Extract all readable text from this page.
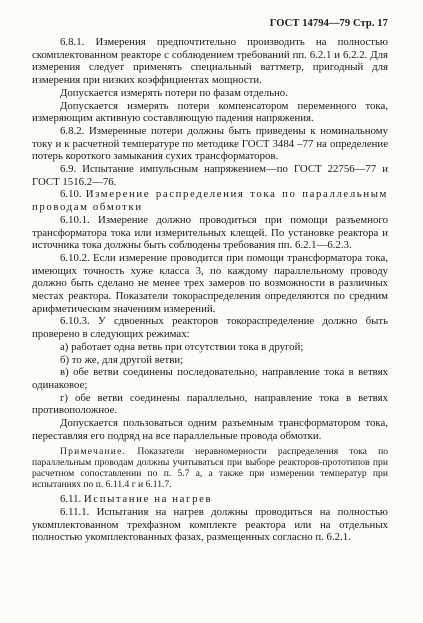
ГОСТ 14794—79 Стр. 17

6.8.1. Измерения предпочтительно производить на полностью скомплектованном реакторе с соблюдением требований пп. 6.2.1 и 6.2.2. Для измерения следует применять специальный ваттметр, пригодный для измерения при низких коэффициентах мощности.

Допускается измерять потери по фазам отдельно.

Допускается измерять потери компенсатором переменного тока, измеряющим активную составляющую падения напряжения.

6.8.2. Измеренные потери должны быть приведены к номинальному току и к расчетной температуре по методике ГОСТ 3484 –77 на определение потерь короткого замыкания сухих трансформаторов.

6.9. Испытание импульсным напряжением—по ГОСТ 22756—77 и ГОСТ 1516.2—76.

6.10. Измерение распределения тока по параллельным проводам обмотки

6.10.1. Измерение должно проводиться при помощи разъемного трансформатора тока или измерительных клещей. По установке реактора и источника тока должны быть соблюдены требования пп. 6.2.1—6.2.3.

6.10.2. Если измерение проводится при помощи трансформатора тока, имеющих точность хуже класса 3, по каждому параллельному проводу должно быть сделано не менее трех замеров по возможности в различных местах реактора. Показатели токораспределения определяются по средним арифметическим значениям измерений.

6.10.3. У сдвоенных реакторов токораспределение должно быть проверено в следующих режимах:

а) работает одна ветвь при отсутствии тока в другой;

б) то же, для другой ветви;

в) обе ветви соединены последовательно, направление тока в ветвях одинаковое;

г) обе ветви соединены параллельно, направление тока в ветвях противоположное.

Допускается пользоваться одним разъемным трансформатором тока, переставляя его подряд на все параллельные провода обмотки.

Примечание. Показатели неравномерности распределения тока по параллельным проводам должны учитываться при выборе реакторов-прототипов при расчетном сопоставлении по п. 5.7 а, а также при измерении температур при испытаниях по п. 6.11.4 г и 6.11.7.

6.11. Испытание на нагрев

6.11.1. Испытания на нагрев должны проводиться на полностью укомплектованном трехфазном комплекте реактора или на отдельных полностью укомплектованных фазах, размещенных согласно п. 6.2.1.
